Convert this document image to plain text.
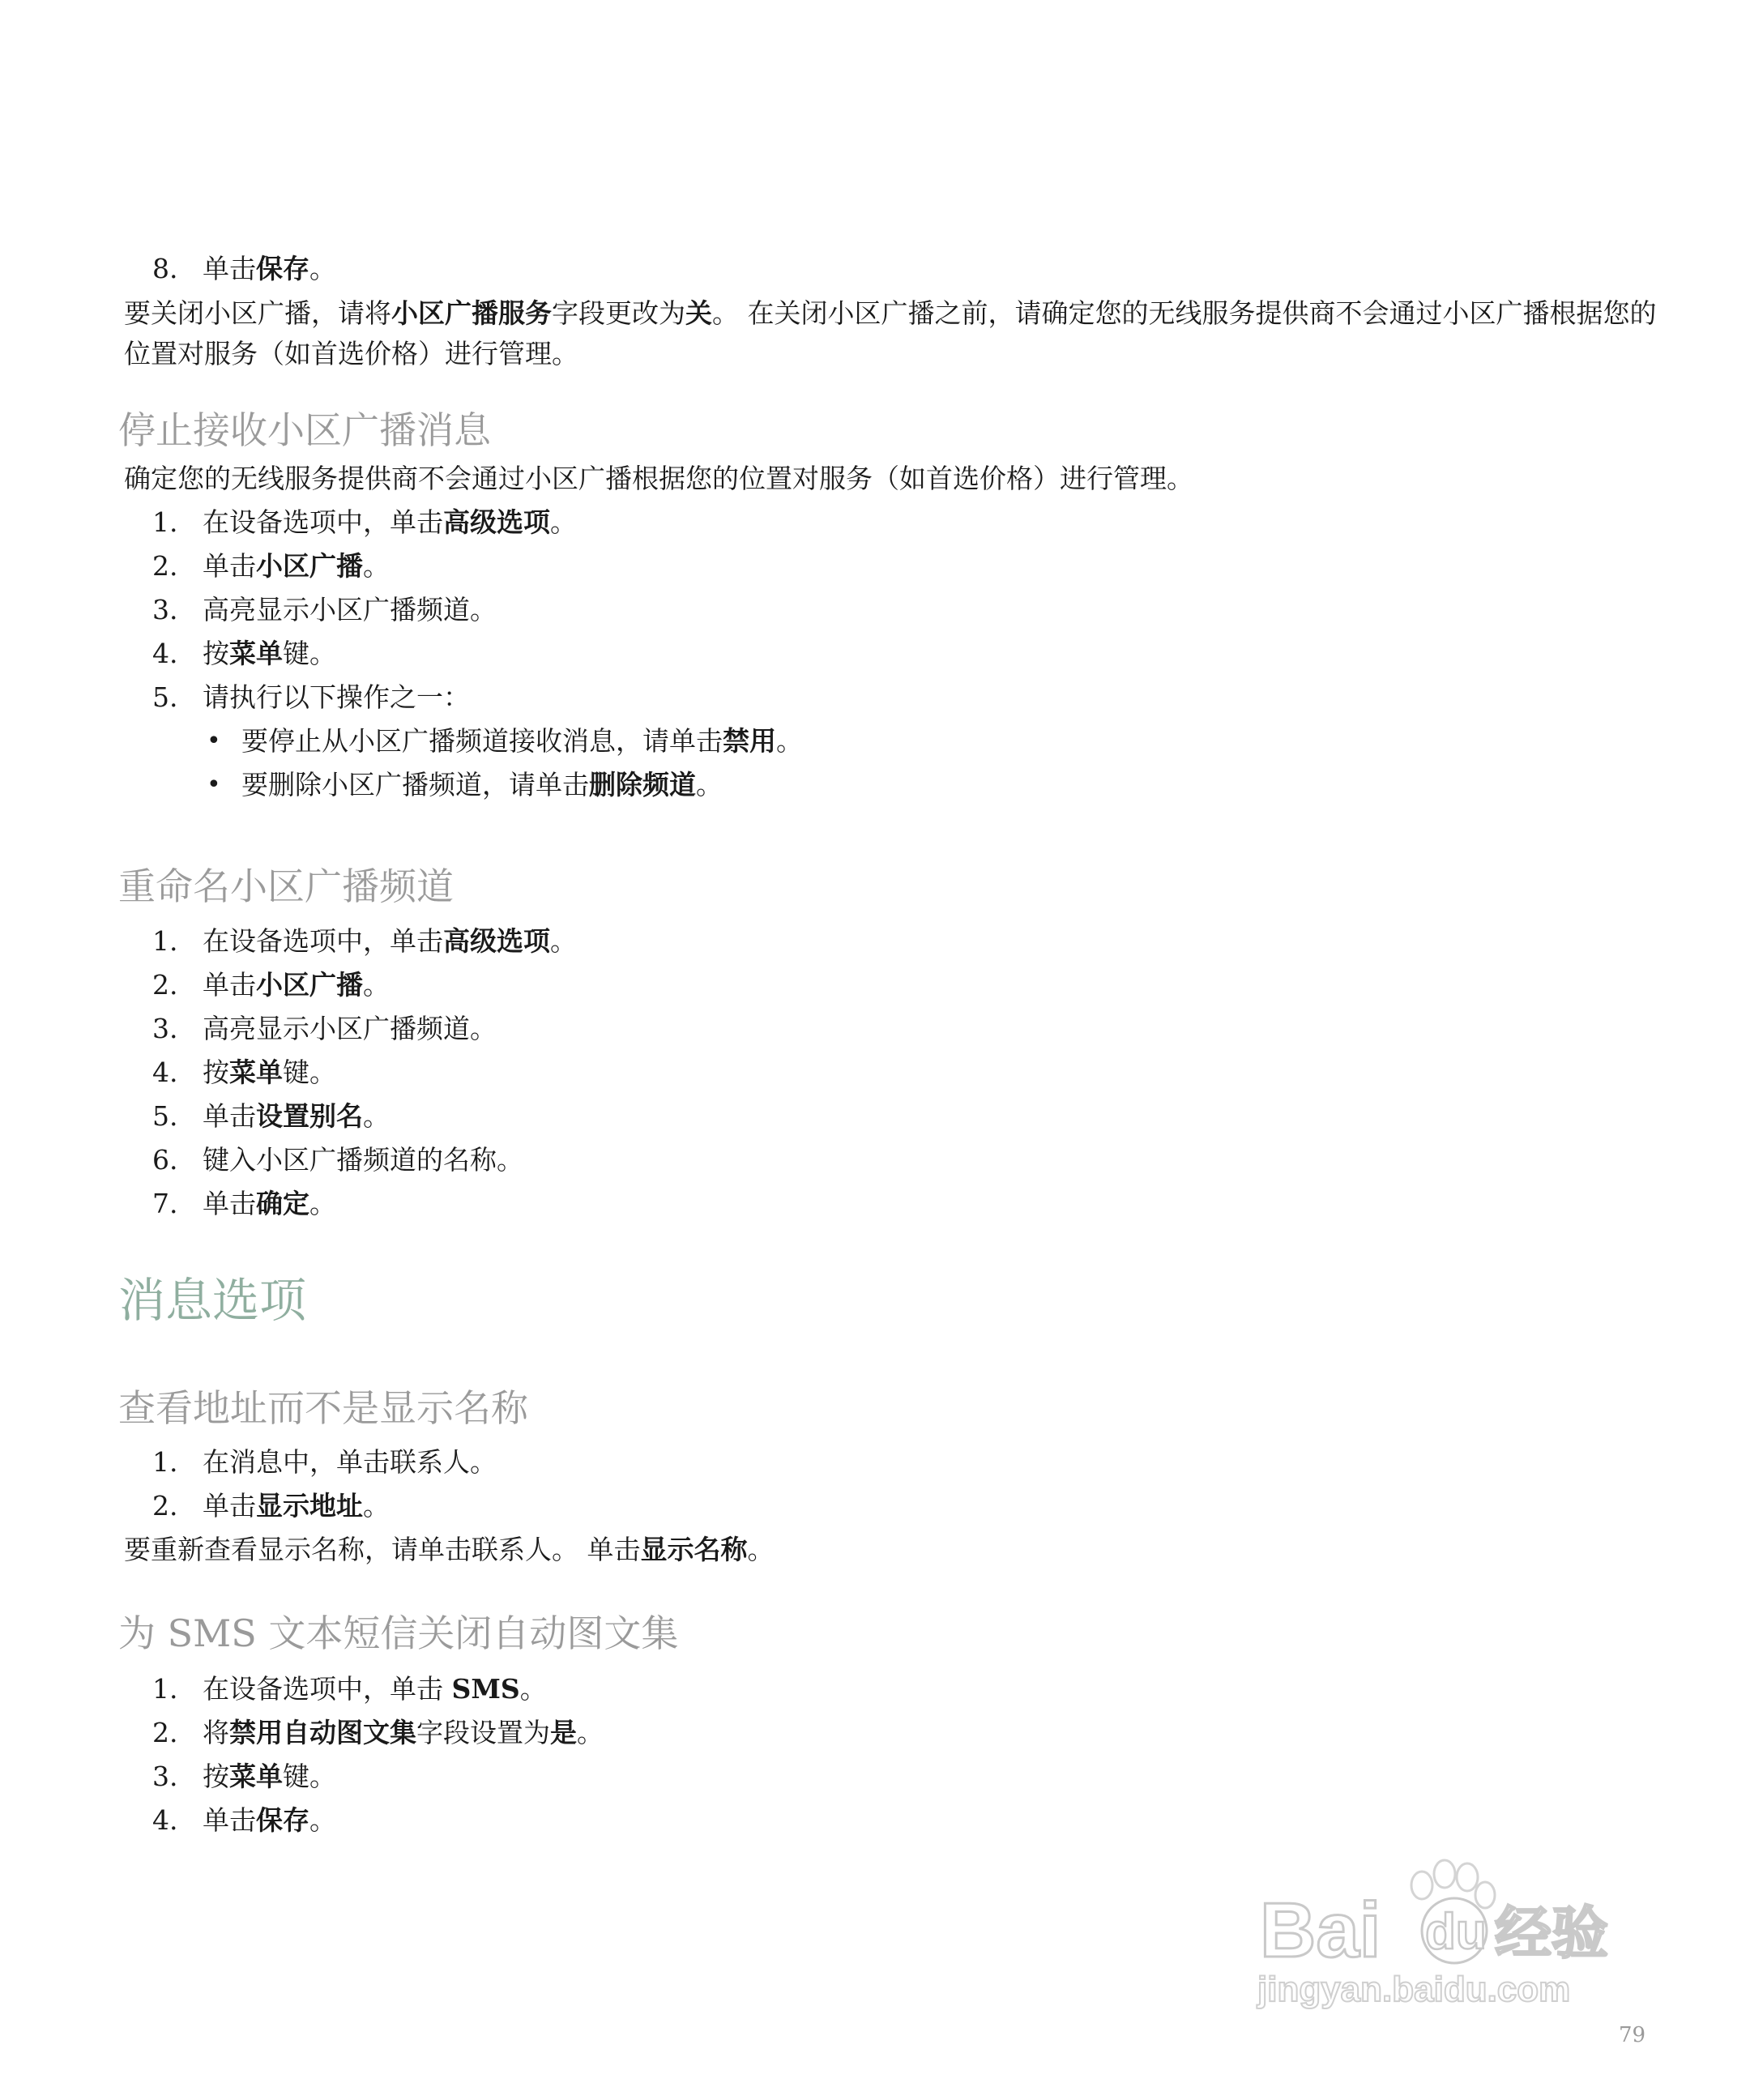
8. 单击保存。
要关闭小区广播，请将小区广播服务字段更改为关。 在关闭小区广播之前，请确定您的无线服务提供商不会通过小区广播根据您的位置对服务（如首选价格）进行管理。
停止接收小区广播消息
确定您的无线服务提供商不会通过小区广播根据您的位置对服务（如首选价格）进行管理。
1. 在设备选项中，单击高级选项。
2. 单击小区广播。
3. 高亮显示小区广播频道。
4. 按菜单键。
5. 请执行以下操作之一：
• 要停止从小区广播频道接收消息，请单击禁用。
• 要删除小区广播频道，请单击删除频道。
重命名小区广播频道
1. 在设备选项中，单击高级选项。
2. 单击小区广播。
3. 高亮显示小区广播频道。
4. 按菜单键。
5. 单击设置别名。
6. 键入小区广播频道的名称。
7. 单击确定。
消息选项
查看地址而不是显示名称
1. 在消息中，单击联系人。
2. 单击显示地址。
要重新查看显示名称，请单击联系人。 单击显示名称。
为 SMS 文本短信关闭自动图文集
1. 在设备选项中，单击 SMS。
2. 将禁用自动图文集字段设置为是。
3. 按菜单键。
4. 单击保存。
Bai du 经验
jingyan.baidu.com
79
